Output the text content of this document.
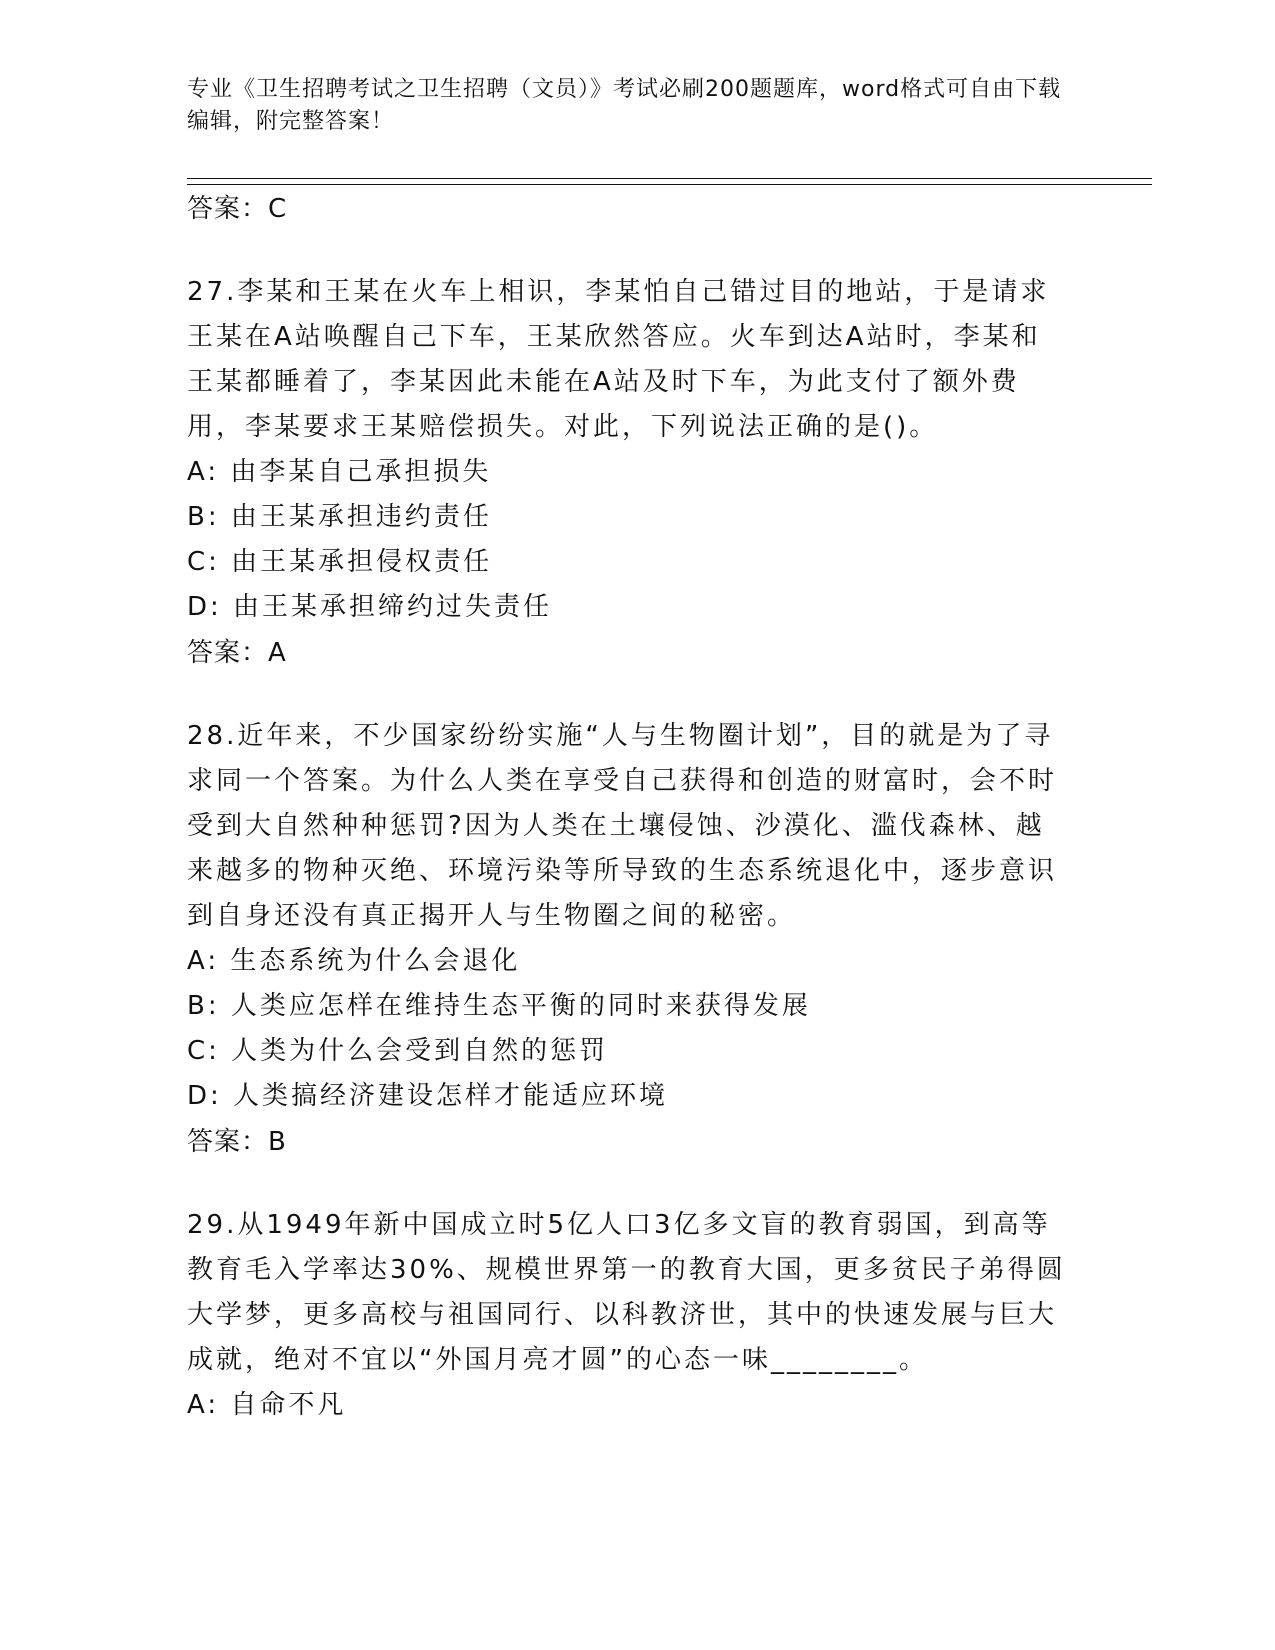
专业《卫生招聘考试之卫生招聘（文员）》考试必刷200题题库，word格式可自由下载编辑，附完整答案！
答案：C
27.李某和王某在火车上相识，李某怕自己错过目的地站，于是请求王某在A站唤醒自己下车，王某欣然答应。火车到达A站时，李某和王某都睡着了，李某因此未能在A站及时下车，为此支付了额外费用，李某要求王某赔偿损失。对此，下列说法正确的是()。
A: 由李某自己承担损失
B: 由王某承担违约责任
C: 由王某承担侵权责任
D: 由王某承担缔约过失责任
答案：A
28.近年来，不少国家纷纷实施“人与生物圈计划”，目的就是为了寻求同一个答案。为什么人类在享受自己获得和创造的财富时，会不时受到大自然种种惩罚?因为人类在土壤侵蚀、沙漠化、滥伐森林、越来越多的物种灭绝、环境污染等所导致的生态系统退化中，逐步意识到自身还没有真正揭开人与生物圈之间的秘密。
A: 生态系统为什么会退化
B: 人类应怎样在维持生态平衡的同时来获得发展
C: 人类为什么会受到自然的惩罚
D: 人类搞经济建设怎样才能适应环境
答案：B
29.从1949年新中国成立时5亿人口3亿多文盲的教育弱国，到高等教育毛入学率达30%、规模世界第一的教育大国，更多贫民子弟得圆大学梦，更多高校与祖国同行、以科教济世，其中的快速发展与巨大成就，绝对不宜以“外国月亮才圆”的心态一味________。
A: 自命不凡
